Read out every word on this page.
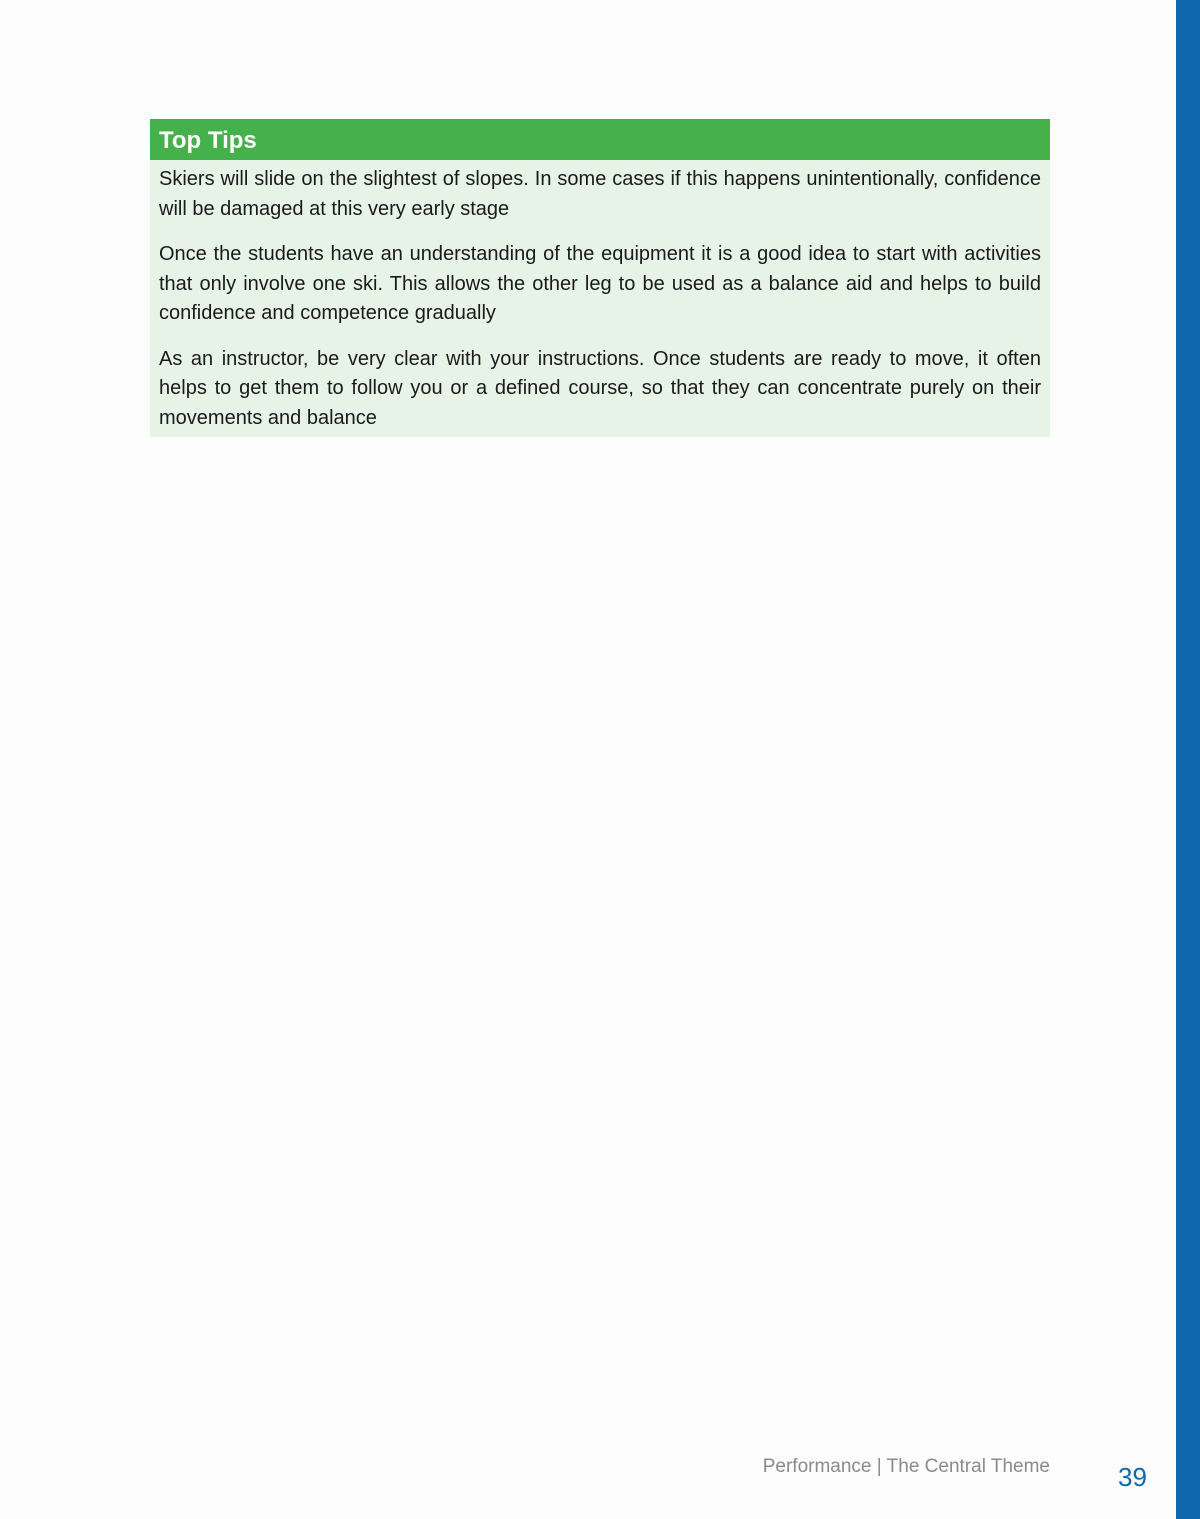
Top Tips

Skiers will slide on the slightest of slopes. In some cases if this happens unintentionally, confidence will be damaged at this very early stage

Once the students have an understanding of the equipment it is a good idea to start with activities that only involve one ski. This allows the other leg to be used as a balance aid and helps to build confidence and competence gradually

As an instructor, be very clear with your instructions. Once students are ready to move, it often helps to get them to follow you or a defined course, so that they can concentrate purely on their movements and balance

Performance | The Central Theme	39
